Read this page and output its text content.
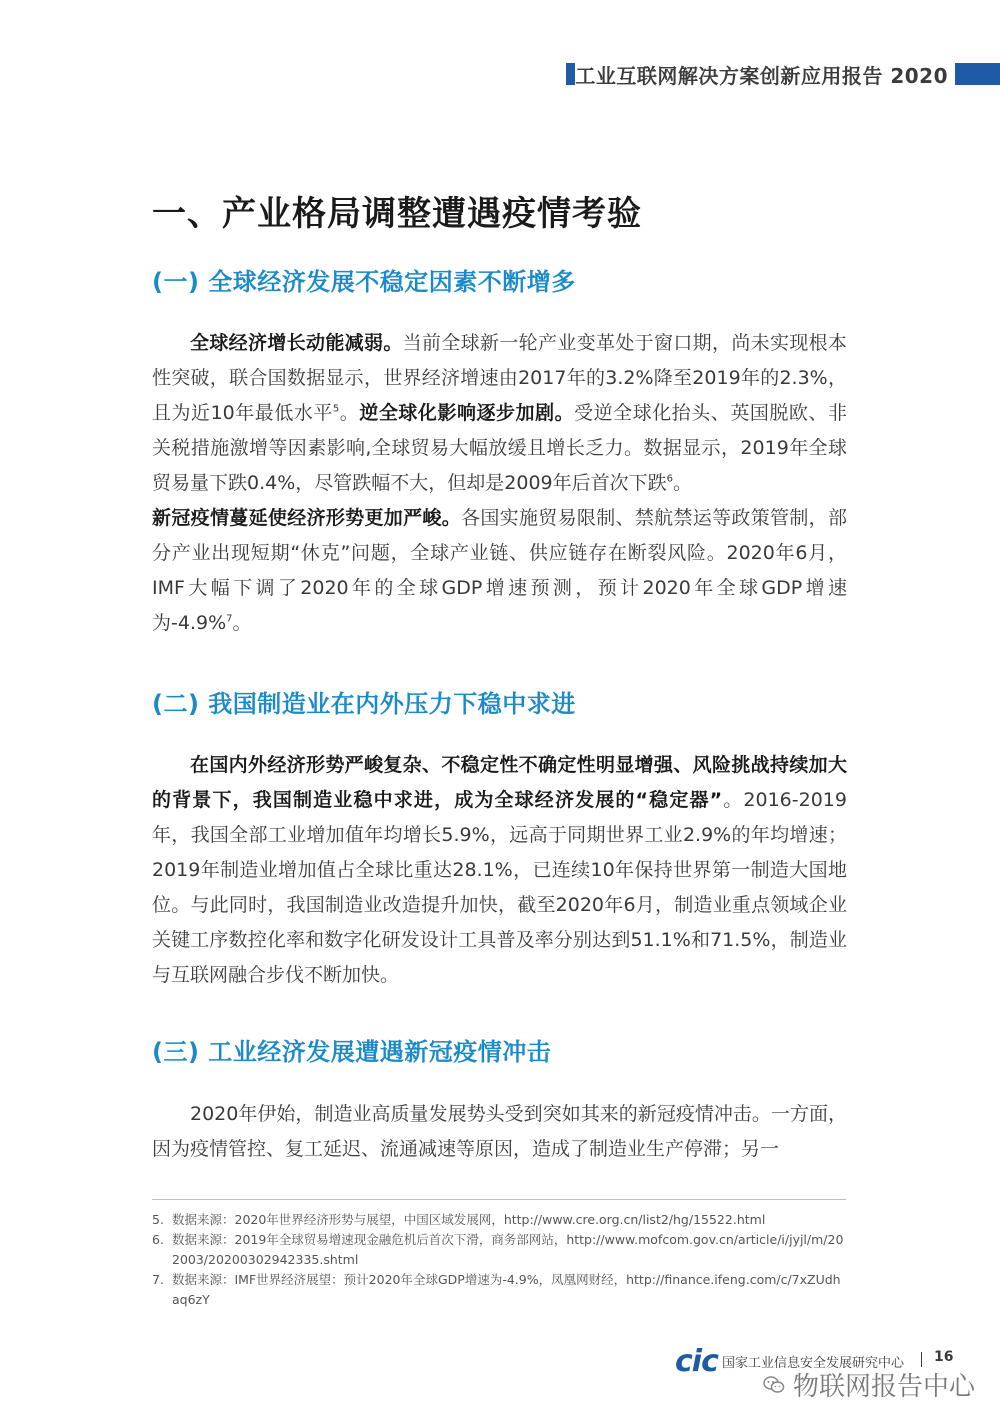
工业互联网解决方案创新应用报告 2020
一、产业格局调整遭遇疫情考验
(一) 全球经济发展不稳定因素不断增多

全球经济增长动能减弱。当前全球新一轮产业变革处于窗口期，尚未实现根本性突破，联合国数据显示，世界经济增速由2017年的3.2%降至2019年的2.3%，且为近10年最低水平$^5$。逆全球化影响逐步加剧。受逆全球化抬头、英国脱欧、非关税措施激增等因素影响,全球贸易大幅放缓且增长乏力。数据显示，2019年全球贸易量下跌0.4%，尽管跌幅不大，但却是2009年后首次下跌$^6$。
新冠疫情蔓延使经济形势更加严峻。各国实施贸易限制、禁航禁运等政策管制，部分产业出现短期“休克”问题，全球产业链、供应链存在断裂风险。2020年6月，IMF大幅下调了2020年的全球GDP增速预测，预计2020年全球GDP增速为-4.9%$^7$。

(二) 我国制造业在内外压力下稳中求进

在国内外经济形势严峻复杂、不稳定性不确定性明显增强、风险挑战持续加大的背景下，我国制造业稳中求进，成为全球经济发展的“稳定器”。2016-2019年，我国全部工业增加值年均增长5.9%，远高于同期世界工业2.9%的年均增速；2019年制造业增加值占全球比重达28.1%，已连续10年保持世界第一制造大国地位。与此同时，我国制造业改造提升加快，截至2020年6月，制造业重点领域企业关键工序数控化率和数字化研发设计工具普及率分别达到51.1%和71.5%，制造业与互联网融合步伐不断加快。

(三) 工业经济发展遭遇新冠疫情冲击

2020年伊始，制造业高质量发展势头受到突如其来的新冠疫情冲击。一方面，因为疫情管控、复工延迟、流通减速等原因，造成了制造业生产停滞；另一

5. 数据来源：2020年世界经济形势与展望，中国区域发展网，http://www.cre.org.cn/list2/hg/15522.html
6. 数据来源：2019年全球贸易增速现金融危机后首次下滑，商务部网站，http://www.mofcom.gov.cn/article/i/jyjl/m/202003/20200302942335.shtml
7. 数据来源：IMF世界经济展望：预计2020年全球GDP增速为-4.9%，凤凰网财经，http://finance.ifeng.com/c/7xZUdhaq6zY
cic 国家工业信息安全发展研究中心 16
物联网报告中心
